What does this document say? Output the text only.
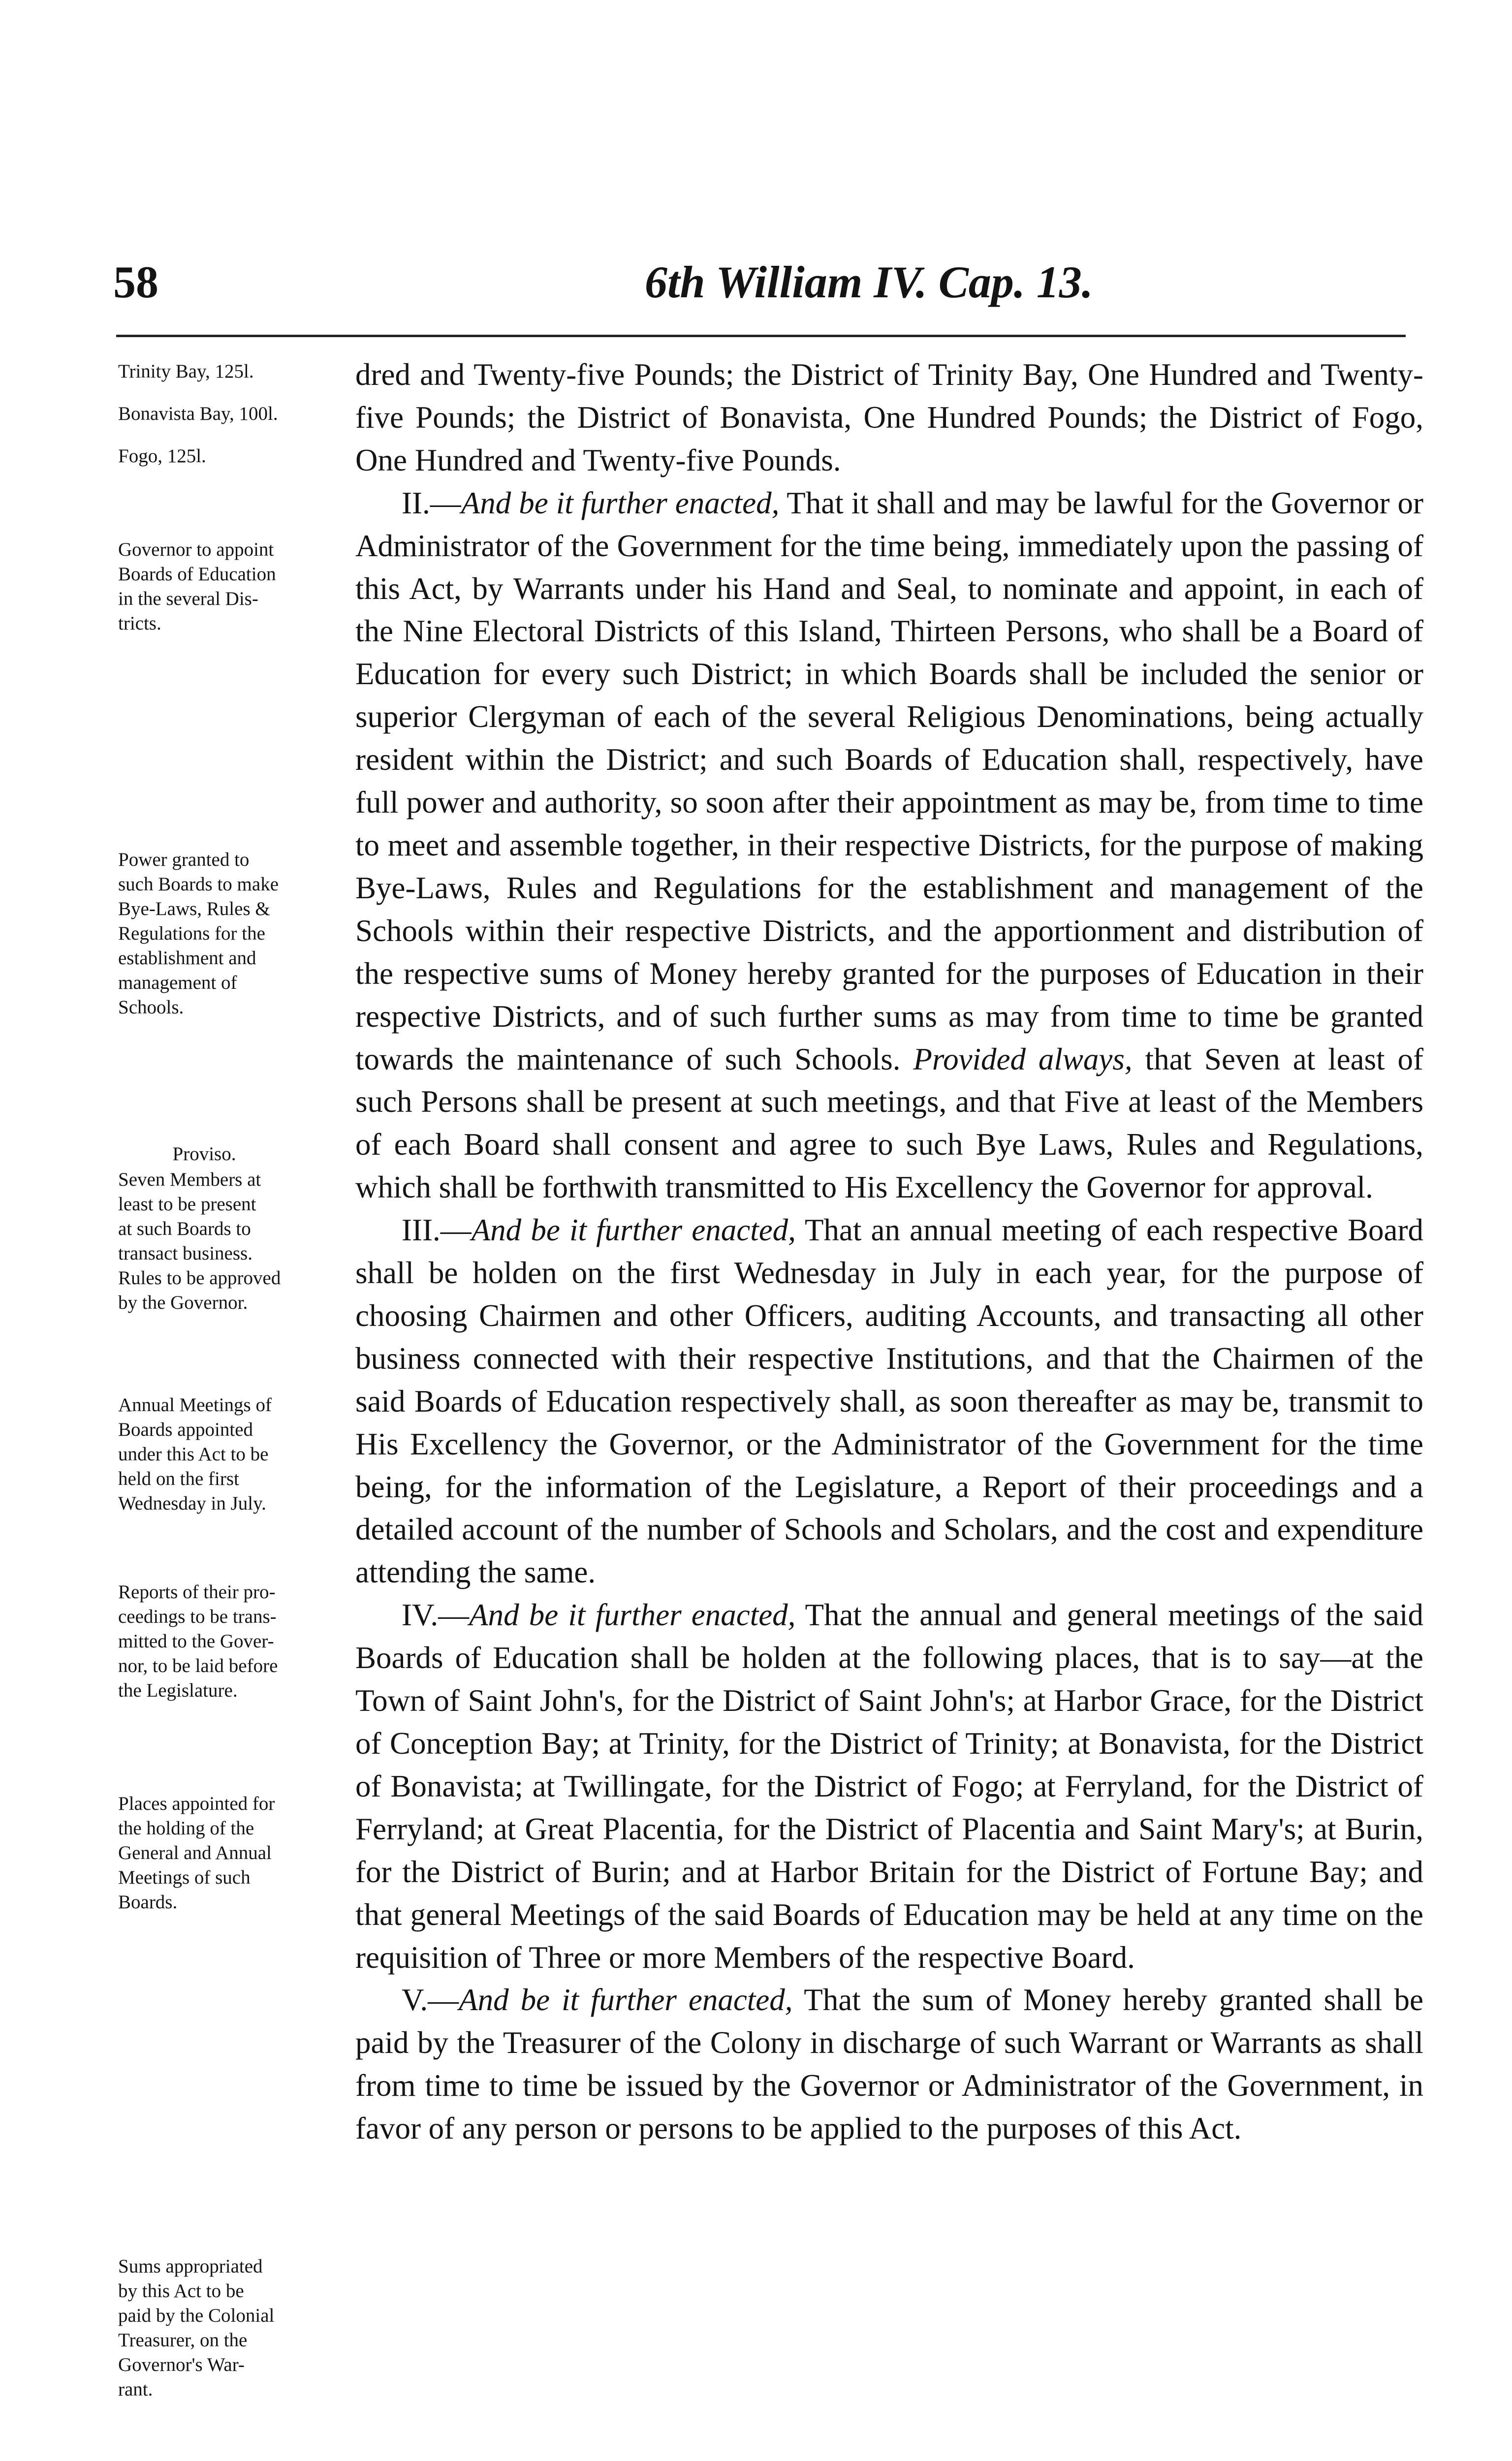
58	6th William IV. Cap. 13.
Trinity Bay, 125l.
Bonavista Bay, 100l.
Fogo, 125l.
Governor to appoint
Boards of Education
in the several Dis-
tricts.
Power granted to
such Boards to make
Bye-Laws, Rules &
Regulations for the
establishment and
management of
Schools.
Proviso.
Seven Members at
least to be present
at such Boards to
transact business.
Rules to be approved
by the Governor.
Annual Meetings of
Boards appointed
under this Act to be
held on the first
Wednesday in July.
Reports of their pro-
ceedings to be trans-
mitted to the Gover-
nor, to be laid before
the Legislature.
Places appointed for
the holding of the
General and Annual
Meetings of such
Boards.
Sums appropriated
by this Act to be
paid by the Colonial
Treasurer, on the
Governor's War-
rant.

dred and Twenty-five Pounds; the District of Trinity Bay, One Hundred and Twenty-five Pounds; the District of Bonavista, One Hundred Pounds; the District of Fogo, One Hundred and Twenty-five Pounds.

II.—And be it further enacted, That it shall and may be lawful for the Governor or Administrator of the Government for the time being, immediately upon the passing of this Act, by Warrants under his Hand and Seal, to nominate and appoint, in each of the Nine Electoral Districts of this Island, Thirteen Persons, who shall be a Board of Education for every such District; in which Boards shall be included the senior or superior Clergyman of each of the several Religious Denominations, being actually resident within the District; and such Boards of Education shall, respectively, have full power and authority, so soon after their appointment as may be, from time to time to meet and assemble together, in their respective Districts, for the purpose of making Bye-Laws, Rules and Regulations for the establishment and management of the Schools within their respective Districts, and the apportionment and distribution of the respective sums of Money hereby granted for the purposes of Education in their respective Districts, and of such further sums as may from time to time be granted towards the maintenance of such Schools. Provided always, that Seven at least of such Persons shall be present at such meetings, and that Five at least of the Members of each Board shall consent and agree to such Bye Laws, Rules and Regulations, which shall be forthwith transmitted to His Excellency the Governor for approval.

III.—And be it further enacted, That an annual meeting of each respective Board shall be holden on the first Wednesday in July in each year, for the purpose of choosing Chairmen and other Officers, auditing Accounts, and transacting all other business connected with their respective Institutions, and that the Chairmen of the said Boards of Education respectively shall, as soon thereafter as may be, transmit to His Excellency the Governor, or the Administrator of the Government for the time being, for the information of the Legislature, a Report of their proceedings and a detailed account of the number of Schools and Scholars, and the cost and expenditure attending the same.

IV.—And be it further enacted, That the annual and general meetings of the said Boards of Education shall be holden at the following places, that is to say—at the Town of Saint John's, for the District of Saint John's; at Harbor Grace, for the District of Conception Bay; at Trinity, for the District of Trinity; at Bonavista, for the District of Bonavista; at Twillingate, for the District of Fogo; at Ferryland, for the District of Ferryland; at Great Placentia, for the District of Placentia and Saint Mary's; at Burin, for the District of Burin; and at Harbor Britain for the District of Fortune Bay; and that general Meetings of the said Boards of Education may be held at any time on the requisition of Three or more Members of the respective Board.

V.—And be it further enacted, That the sum of Money hereby granted shall be paid by the Treasurer of the Colony in discharge of such Warrant or Warrants as shall from time to time be issued by the Governor or Administrator of the Government, in favor of any person or persons to be applied to the purposes of this Act.
